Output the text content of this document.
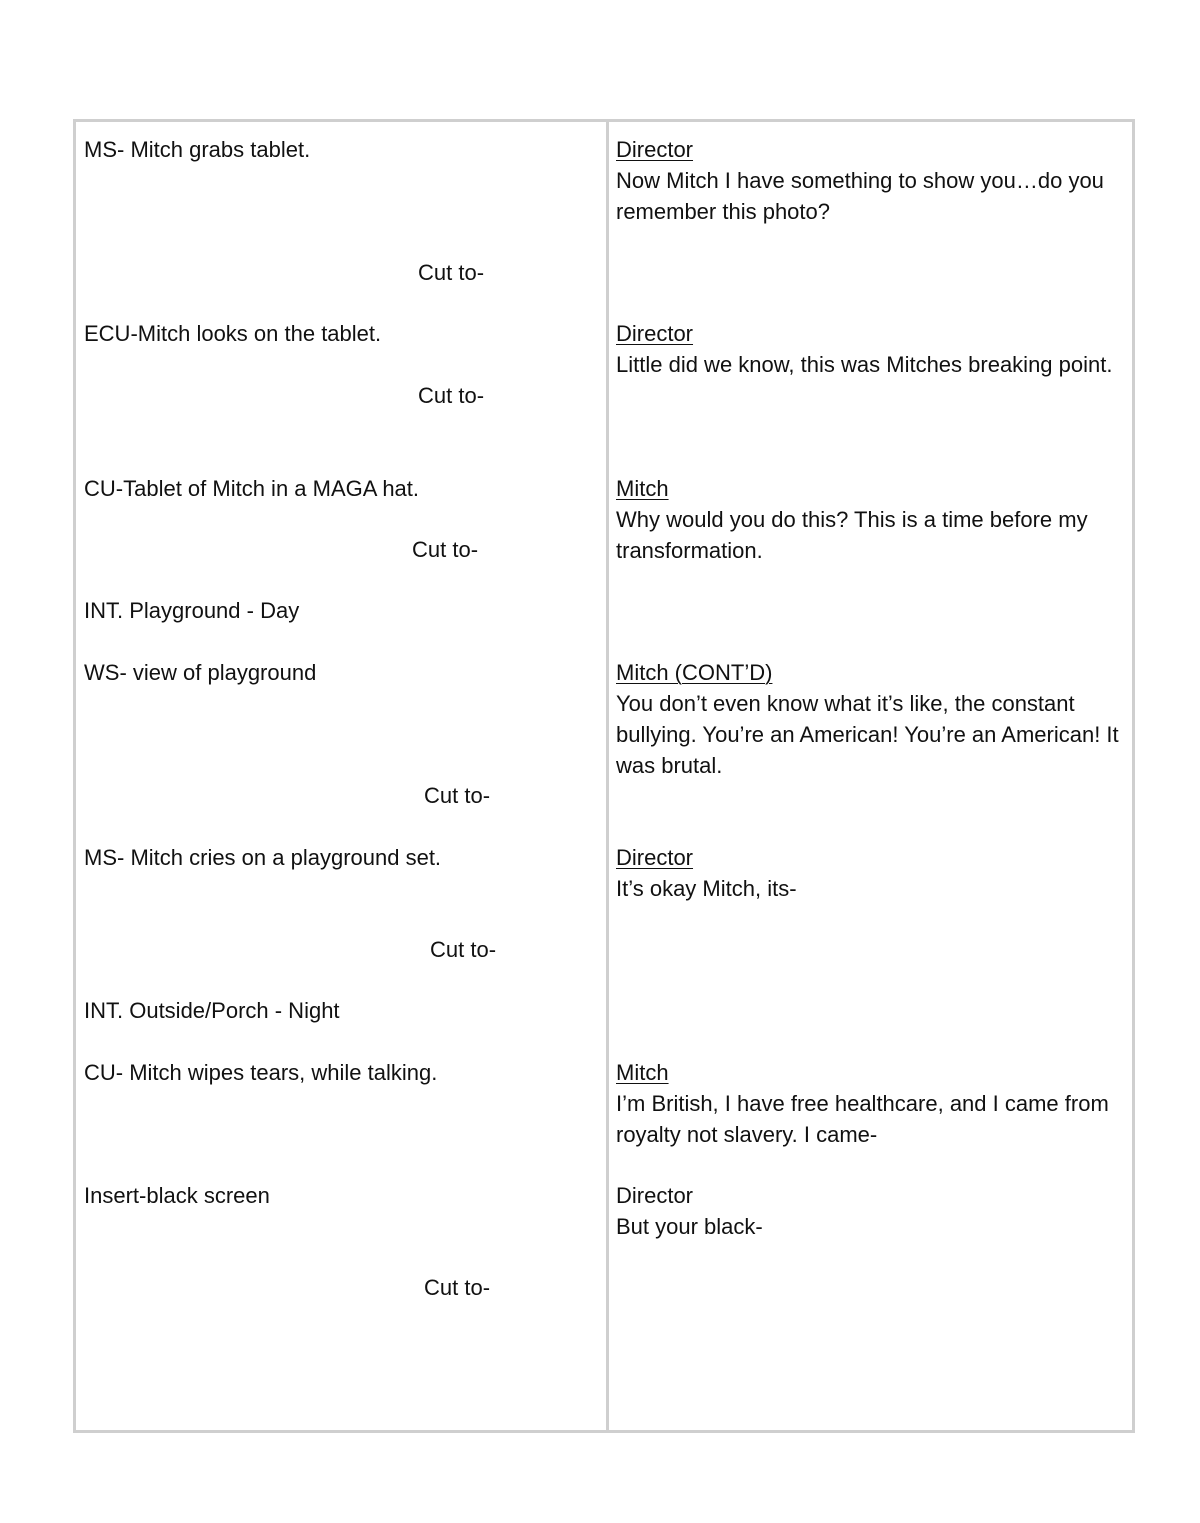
MS- Mitch grabs tablet.

Cut to-

ECU-Mitch looks on the tablet.

Cut to-

CU-Tablet of Mitch in a MAGA hat.

Cut to-

INT. Playground - Day

WS- view of playground

Cut to-

MS- Mitch cries on a playground set.

Cut to-

INT. Outside/Porch - Night

CU- Mitch wipes tears, while talking.

Insert-black screen

Cut to-

Director

Now Mitch I have something to show you…do you remember this photo?

Director

Little did we know, this was Mitches breaking point.

Mitch

Why would you do this? This is a time before my transformation.

Mitch (CONT’D)

You don’t even know what it’s like, the constant bullying. You’re an American! You’re an American! It was brutal.

Director

It’s okay Mitch, its-

Mitch

I’m British, I have free healthcare, and I came from royalty not slavery. I came-

Director

But your black-
